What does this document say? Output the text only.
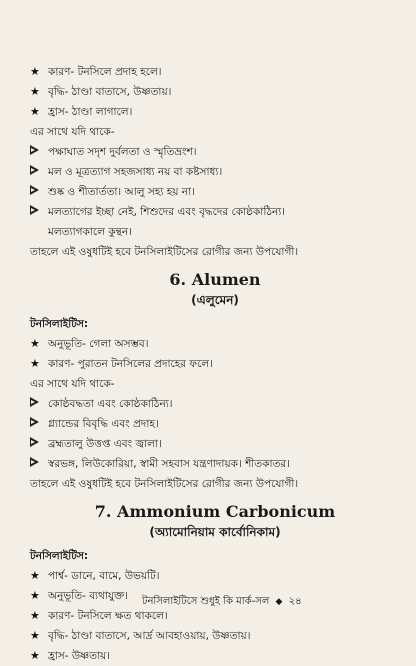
★ কারণ- টনসিলে প্রদাহ হলে।
★ বৃদ্ধি- ঠাণ্ডা বাতাসে, উষ্ণতায়।
★ হ্রাস- ঠাণ্ডা লাগালে।
এর সাথে যদি থাকে-
পক্ষাঘাত সদৃশ দুর্বলতা ও স্মৃতিভ্রংশ।
মল ও মূত্রত্যাগ সহজসাধ্য নয় বা কষ্টসাধ্য।
শুষ্ক ও শীতার্ততা। আলু সহ্য হয় না।
মলত্যাগের ইচ্ছা নেই, শিশুদের এবং বৃদ্ধদের কোষ্ঠকাঠিন্য।
মলত্যাগকালে কুন্থন।
তাহলে এই ওষুধটিই হবে টনসিলাইটিসের রোগীর জন্য উপযোগী।
6. Alumen
(এলুমেন)
টনসিলাইটিস:
★ অনুভূতি- গেলা অসম্ভব।
★ কারণ- পুরাতন টনসিলের প্রদাহের ফলে।
এর সাথে যদি থাকে-
কোষ্ঠবদ্ধতা এবং কোষ্ঠকাঠিন্য।
গ্ল্যান্ডের বিবৃদ্ধি এবং প্রদাহ।
ব্রহ্মতালু উত্তপ্ত এবং জ্বালা।
স্বরভঙ্গ, লিউকোরিয়া, স্বামী সহবাস যন্ত্রণাদায়ক। শীতকাতর।
তাহলে এই ওষুধটিই হবে টনসিলাইটিসের রোগীর জন্য উপযোগী।
7. Ammonium Carbonicum
(অ্যামোনিয়াম কার্বোনিকাম)
টনসিলাইটিস:
★ পার্শ্ব- ডানে, বামে, উভয়টি।
★ অনুভূতি- ব্যথাযুক্ত।
★ কারণ- টনসিলে ক্ষত থাকলে।
★ বৃদ্ধি- ঠাণ্ডা বাতাসে, আর্দ্র আবহাওয়ায়, উষ্ণতায়।
★ হ্রাস- উষ্ণতায়।
টনসিলাইটিসে শুধুই কি মার্ক-সল ◆ ২৪
